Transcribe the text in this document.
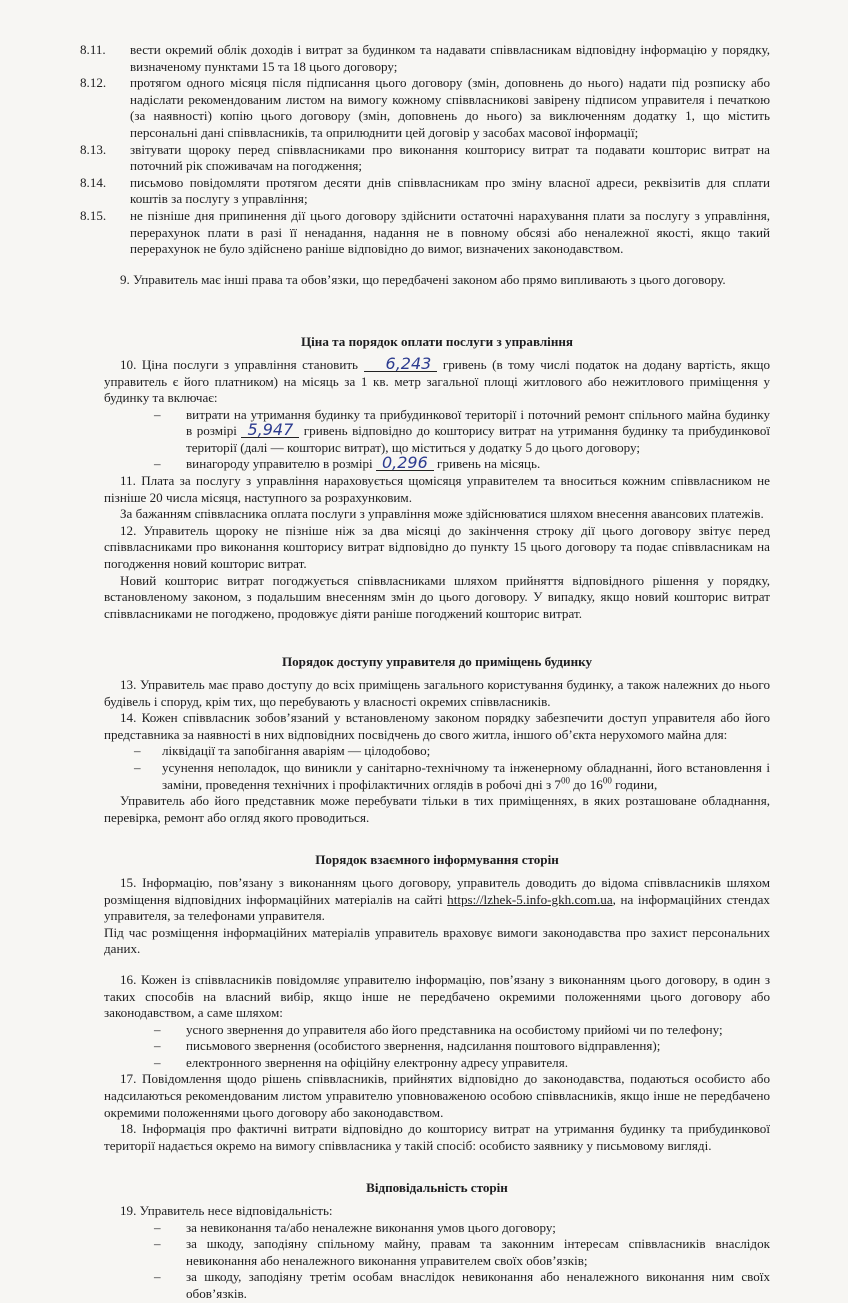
8.11. вести окремий облік доходів і витрат за будинком та надавати співвласникам відповідну інформацію у порядку, визначеному пунктами 15 та 18 цього договору;

8.12. протягом одного місяця після підписання цього договору (змін, доповнень до нього) надати під розписку або надіслати рекомендованим листом на вимогу кожному співвласникові завірену підписом управителя і печаткою (за наявності) копію цього договору (змін, доповнень до нього) за виключенням додатку 1, що містить персональні дані співвласників, та оприлюднити цей договір у засобах масової інформації;

8.13. звітувати щороку перед співвласниками про виконання кошторису витрат та подавати кошторис витрат на поточний рік споживачам на погодження;

8.14. письмово повідомляти протягом десяти днів співвласникам про зміну власної адреси, реквізитів для сплати коштів за послугу з управління;

8.15. не пізніше дня припинення дії цього договору здійснити остаточні нарахування плати за послугу з управління, перерахунок плати в разі її ненадання, надання не в повному обсязі або неналежної якості, якщо такий перерахунок не було здійснено раніше відповідно до вимог, визначених законодавством.

9. Управитель має інші права та обов’язки, що передбачені законом або прямо випливають з цього договору.

Ціна та порядок оплати послуги з управління

10. Ціна послуги з управління становить 6,243 гривень (в тому числі податок на додану вартість, якщо управитель є його платником) на місяць за 1 кв. метр загальної площі житлового або нежитлового приміщення у будинку та включає:

– витрати на утримання будинку та прибудинкової території і поточний ремонт спільного майна будинку в розмірі 5,947 гривень відповідно до кошторису витрат на утримання будинку та прибудинкової території (далі — кошторис витрат), що міститься у додатку 5 до цього договору;

– винагороду управителю в розмірі 0,296 гривень на місяць.

11. Плата за послугу з управління нараховується щомісяця управителем та вноситься кожним співвласником не пізніше 20 числа місяця, наступного за розрахунковим.

За бажанням співвласника оплата послуги з управління може здійснюватися шляхом внесення авансових платежів.

12. Управитель щороку не пізніше ніж за два місяці до закінчення строку дії цього договору звітує перед співвласниками про виконання кошторису витрат відповідно до пункту 15 цього договору та подає співвласникам на погодження новий кошторис витрат.

Новий кошторис витрат погоджується співвласниками шляхом прийняття відповідного рішення у порядку, встановленому законом, з подальшим внесенням змін до цього договору. У випадку, якщо новий кошторис витрат співвласниками не погоджено, продовжує діяти раніше погоджений кошторис витрат.

Порядок доступу управителя до приміщень будинку

13. Управитель має право доступу до всіх приміщень загального користування будинку, а також належних до нього будівель і споруд, крім тих, що перебувають у власності окремих співвласників.

14. Кожен співвласник зобов’язаний у встановленому законом порядку забезпечити доступ управителя або його представника за наявності в них відповідних посвідчень до свого житла, іншого об’єкта нерухомого майна для:

– ліквідації та запобігання аваріям — цілодобово;

– усунення неполадок, що виникли у санітарно-технічному та інженерному обладнанні, його встановлення і заміни, проведення технічних і профілактичних оглядів в робочі дні з $7^{00}$ до $16^{00}$ години,

Управитель або його представник може перебувати тільки в тих приміщеннях, в яких розташоване обладнання, перевірка, ремонт або огляд якого проводиться.

Порядок взаємного інформування сторін

15. Інформацію, пов’язану з виконанням цього договору, управитель доводить до відома співвласників шляхом розміщення відповідних інформаційних матеріалів на сайті https://lzhek-5.info-gkh.com.ua, на інформаційних стендах управителя, за телефонами управителя.

Під час розміщення інформаційних матеріалів управитель враховує вимоги законодавства про захист персональних даних.

16. Кожен із співвласників повідомляє управителю інформацію, пов’язану з виконанням цього договору, в один з таких способів на власний вибір, якщо інше не передбачено окремими положеннями цього договору або законодавством, а саме шляхом:

– усного звернення до управителя або його представника на особистому прийомі чи по телефону;

– письмового звернення (особистого звернення, надсилання поштового відправлення);

– електронного звернення на офіційну електронну адресу управителя.

17. Повідомлення щодо рішень співвласників, прийнятих відповідно до законодавства, подаються особисто або надсилаються рекомендованим листом управителю уповноваженою особою співвласників, якщо інше не передбачено окремими положеннями цього договору або законодавством.

18. Інформація про фактичні витрати відповідно до кошторису витрат на утримання будинку та прибудинкової території надається окремо на вимогу співвласника у такій спосіб: особисто заявнику у письмовому вигляді.

Відповідальність сторін

19. Управитель несе відповідальність:

– за невиконання та/або неналежне виконання умов цього договору;

– за шкоду, заподіяну спільному майну, правам та законним інтересам співвласників внаслідок невиконання або неналежного виконання управителем своїх обов’язків;

– за шкоду, заподіяну третім особам внаслідок невиконання або неналежного виконання ним своїх обов’язків.
